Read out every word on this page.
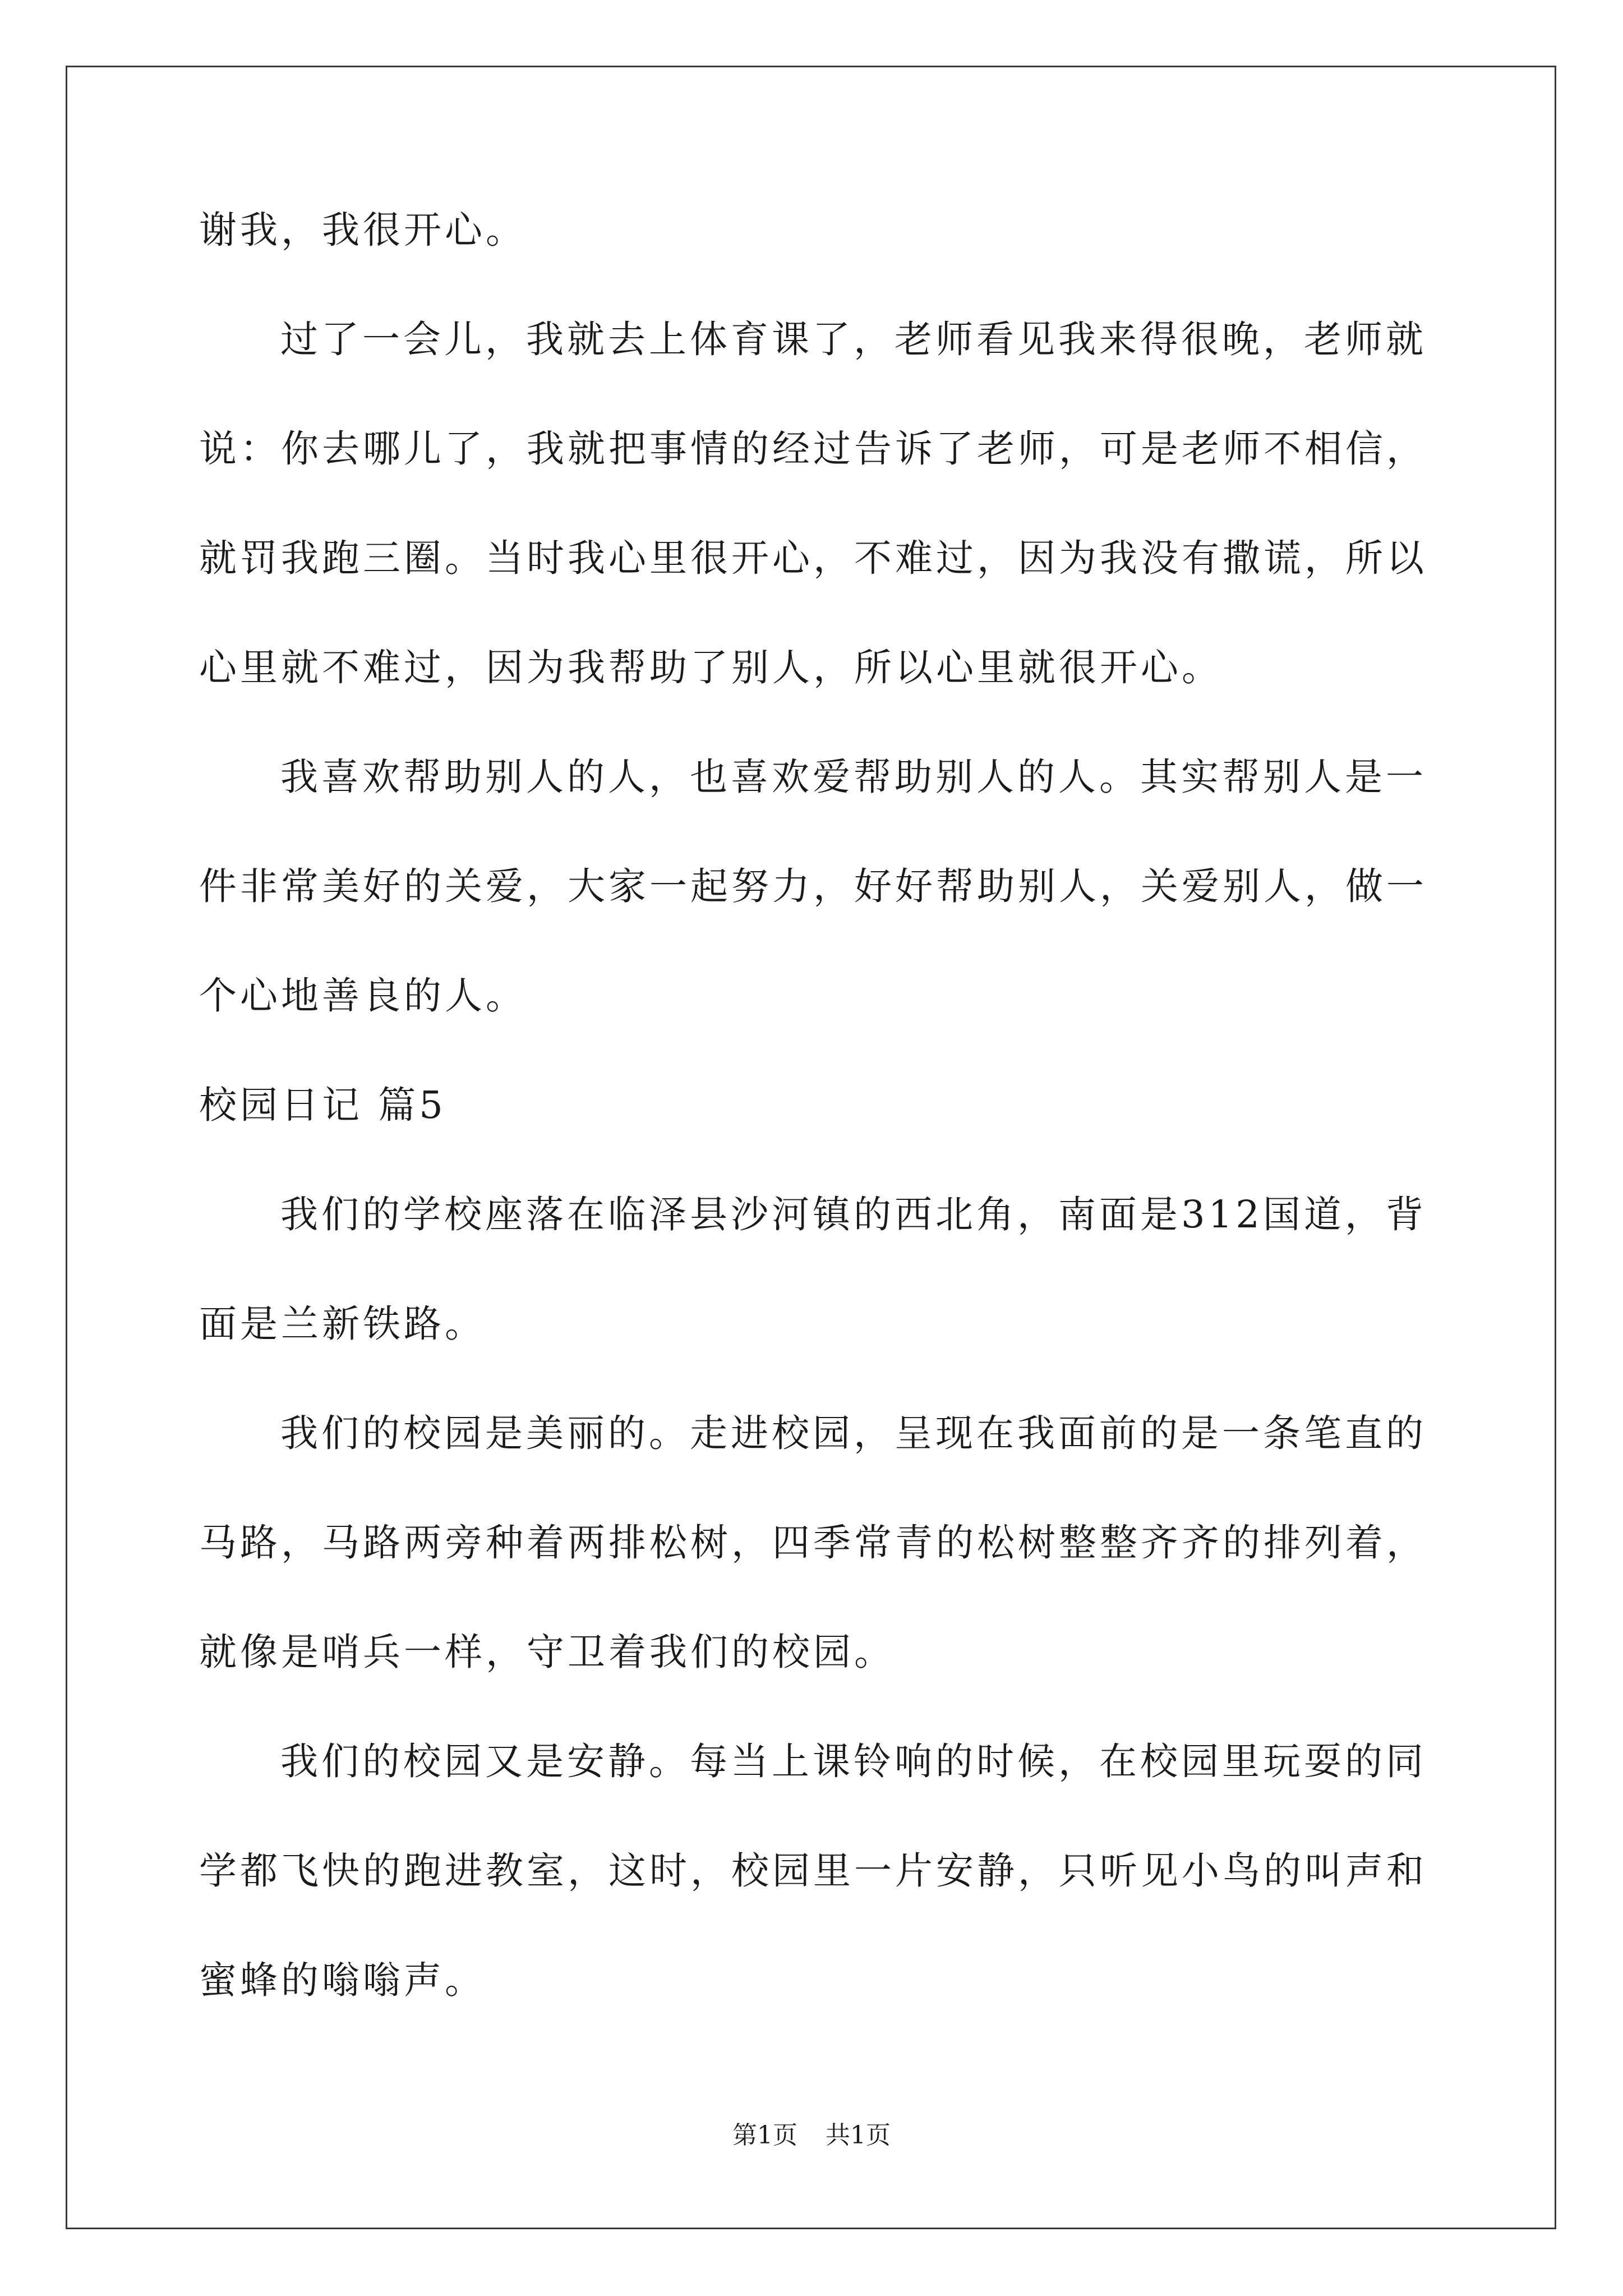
谢我，我很开心。
过了一会儿，我就去上体育课了，老师看见我来得很晚，老师就
说：你去哪儿了，我就把事情的经过告诉了老师，可是老师不相信，
就罚我跑三圈。当时我心里很开心，不难过，因为我没有撒谎，所以
心里就不难过，因为我帮助了别人，所以心里就很开心。
我喜欢帮助别人的人，也喜欢爱帮助别人的人。其实帮别人是一
件非常美好的关爱，大家一起努力，好好帮助别人，关爱别人，做一
个心地善良的人。
校园日记 篇5
我们的学校座落在临泽县沙河镇的西北角，南面是312国道，背
面是兰新铁路。
我们的校园是美丽的。走进校园，呈现在我面前的是一条笔直的
马路，马路两旁种着两排松树，四季常青的松树整整齐齐的排列着，
就像是哨兵一样，守卫着我们的校园。
我们的校园又是安静。每当上课铃响的时候，在校园里玩耍的同
学都飞快的跑进教室，这时，校园里一片安静，只听见小鸟的叫声和
蜜蜂的嗡嗡声。
第1页 共1页
